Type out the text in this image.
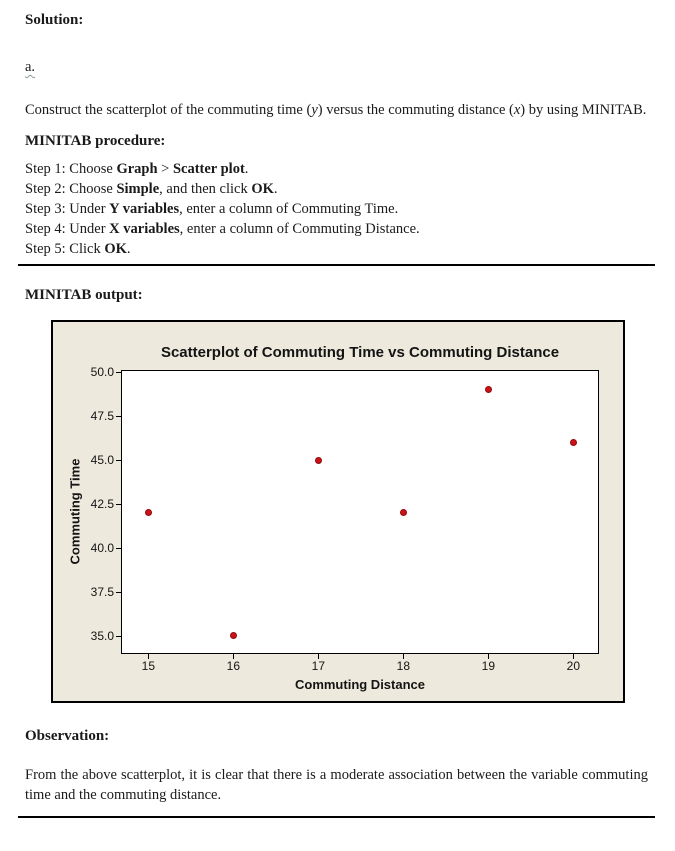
Solution:
a.

Construct the scatterplot of the commuting time (y) versus the commuting distance (x) by using MINITAB.

MINITAB procedure:
Step 1: Choose Graph > Scatter plot.
Step 2: Choose Simple, and then click OK.
Step 3: Under Y variables, enter a column of Commuting Time.
Step 4: Under X variables, enter a column of Commuting Distance.
Step 5: Click OK.
MINITAB output:
Scatterplot of Commuting Time vs Commuting Distance
Commuting Time
Commuting Distance
35.0
37.5
40.0
42.5
45.0
47.5
50.0
15	16	17	18	19	20
Observation:

From the above scatterplot, it is clear that there is a moderate association between the variable commuting time and the commuting distance.
